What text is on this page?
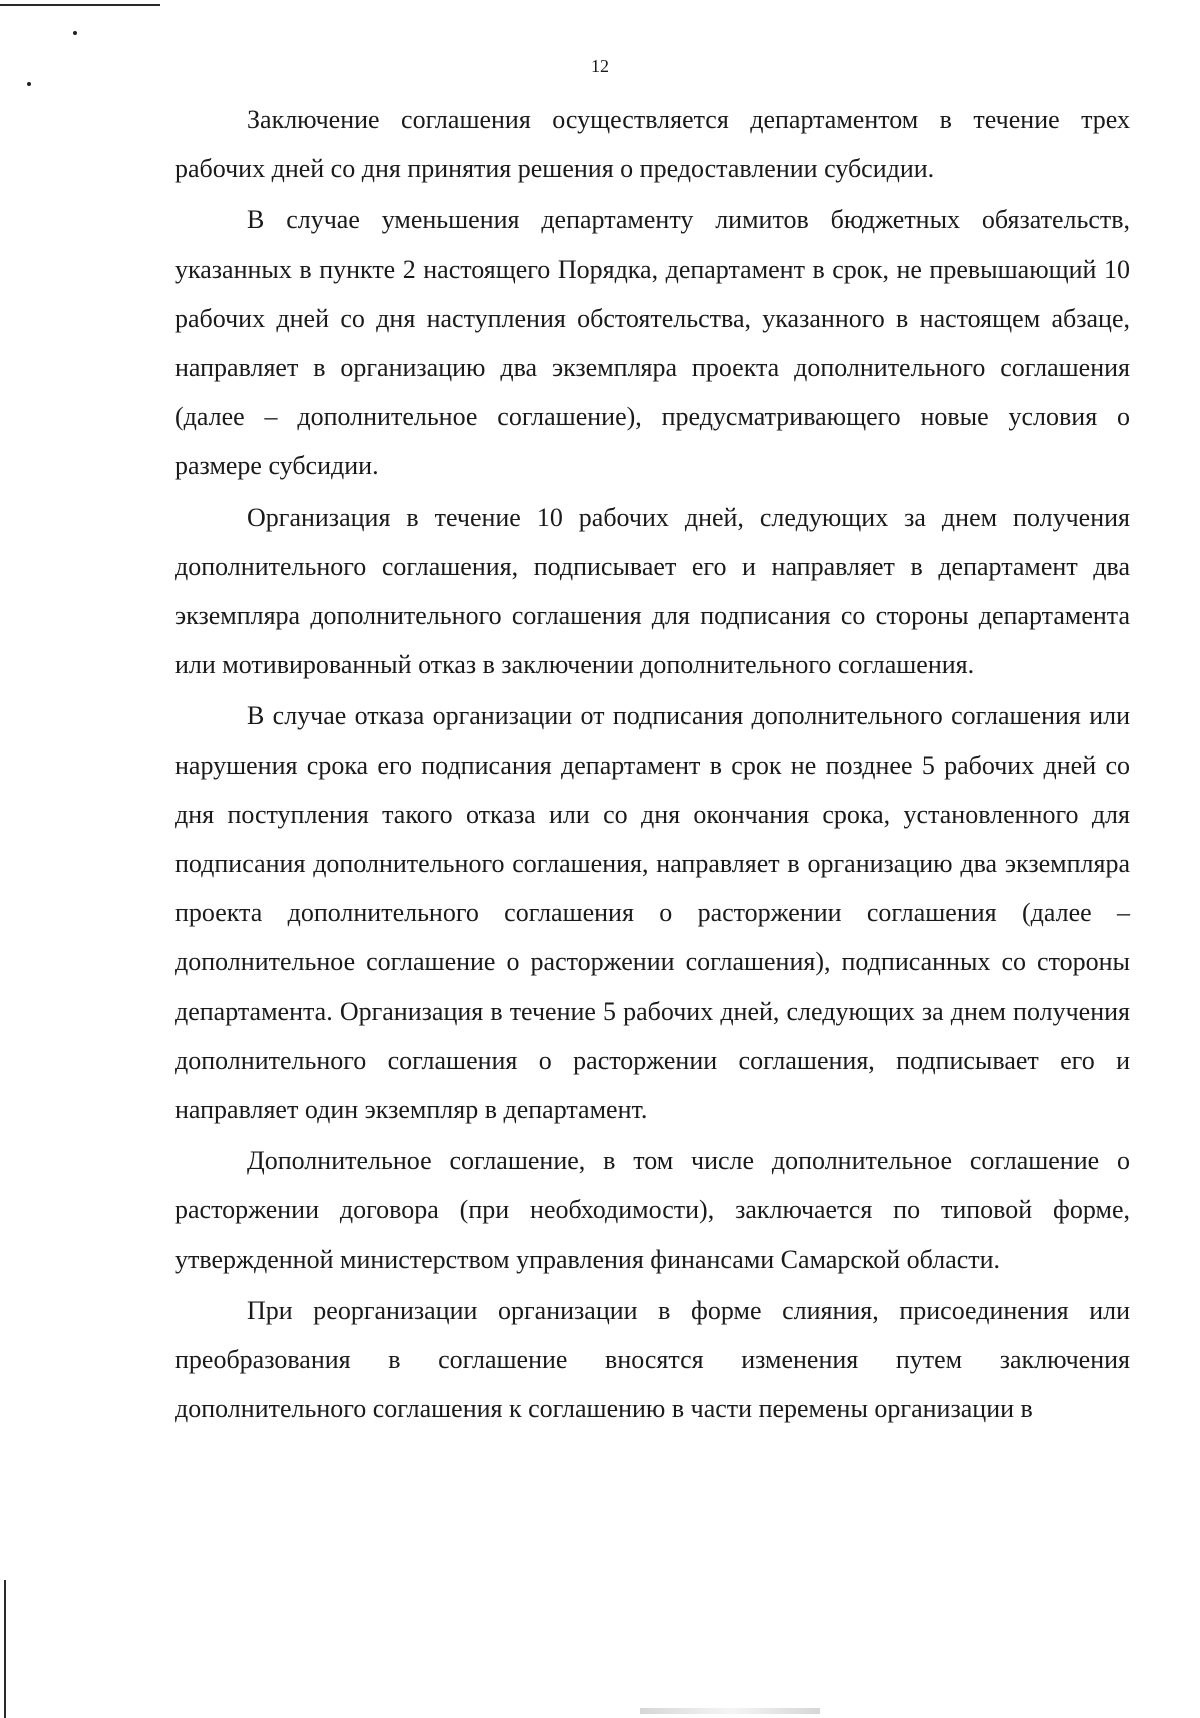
12

Заключение соглашения осуществляется департаментом в течение трех рабочих дней со дня принятия решения о предоставлении субсидии.

В случае уменьшения департаменту лимитов бюджетных обязательств, указанных в пункте 2 настоящего Порядка, департамент в срок, не превышающий 10 рабочих дней со дня наступления обстоятельства, указанного в настоящем абзаце, направляет в организацию два экземпляра проекта дополнительного соглашения (далее – дополнительное соглашение), предусматривающего новые условия о размере субсидии.

Организация в течение 10 рабочих дней, следующих за днем получения дополнительного соглашения, подписывает его и направляет в департамент два экземпляра дополнительного соглашения для подписания со стороны департамента или мотивированный отказ в заключении дополнительного соглашения.

В случае отказа организации от подписания дополнительного соглашения или нарушения срока его подписания департамент в срок не позднее 5 рабочих дней со дня поступления такого отказа или со дня окончания срока, установленного для подписания дополнительного соглашения, направляет в организацию два экземпляра проекта дополнительного соглашения о расторжении соглашения (далее – дополнительное соглашение о расторжении соглашения), подписанных со стороны департамента. Организация в течение 5 рабочих дней, следующих за днем получения дополнительного соглашения о расторжении соглашения, подписывает его и направляет один экземпляр в департамент.

Дополнительное соглашение, в том числе дополнительное соглашение о расторжении договора (при необходимости), заключается по типовой форме, утвержденной министерством управления финансами Самарской области.

При реорганизации организации в форме слияния, присоединения или преобразования в соглашение вносятся изменения путем заключения дополнительного соглашения к соглашению в части перемены организации в
